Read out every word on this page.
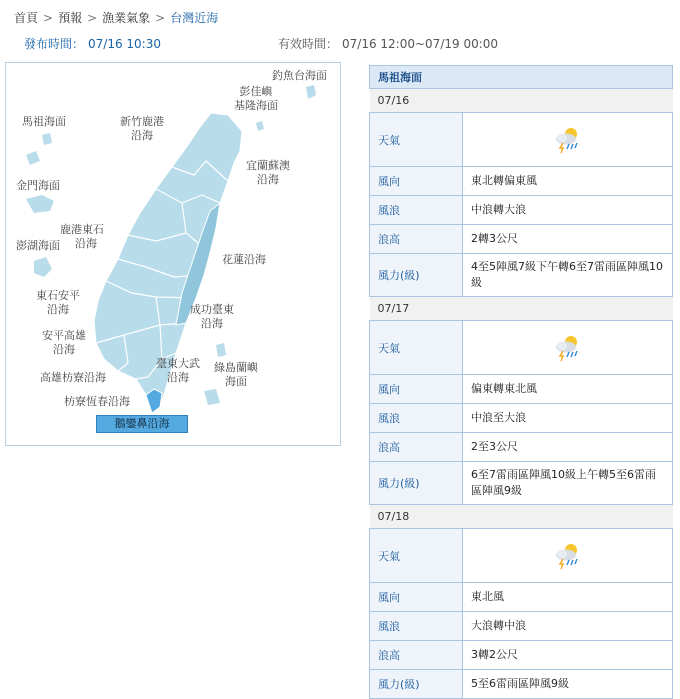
首頁 > 預報 > 漁業氣象 > 台灣近海
發布時間： 07/16 10:30	有效時間： 07/16 12:00~07/19 00:00
釣魚台海面
彭佳嶼
基隆海面
馬祖海面	新竹鹿港
沿海
宜蘭蘇澳
沿海
金門海面
鹿港東石
沿海
澎湖海面
花蓮沿海
東石安平
沿海	成功臺東
沿海
安平高雄
沿海
臺東大武
沿海
綠島蘭嶼
海面
高雄枋寮沿海
枋寮恆春沿海
鵝鑾鼻沿海
馬祖海面	
07/16	
天氣	
風向	東北轉偏東風
風浪	中浪轉大浪
浪高	2轉3公尺
風力(級)	4至5陣風7級下午轉6至7雷雨區陣風10級
07/17	
天氣	
風向	偏東轉東北風
風浪	中浪至大浪
浪高	2至3公尺
風力(級)	6至7雷雨區陣風10級上午轉5至6雷雨區陣風9級
07/18	
天氣	
風向	東北風
風浪	大浪轉中浪
浪高	3轉2公尺
風力(級)	5至6雷雨區陣風9級
